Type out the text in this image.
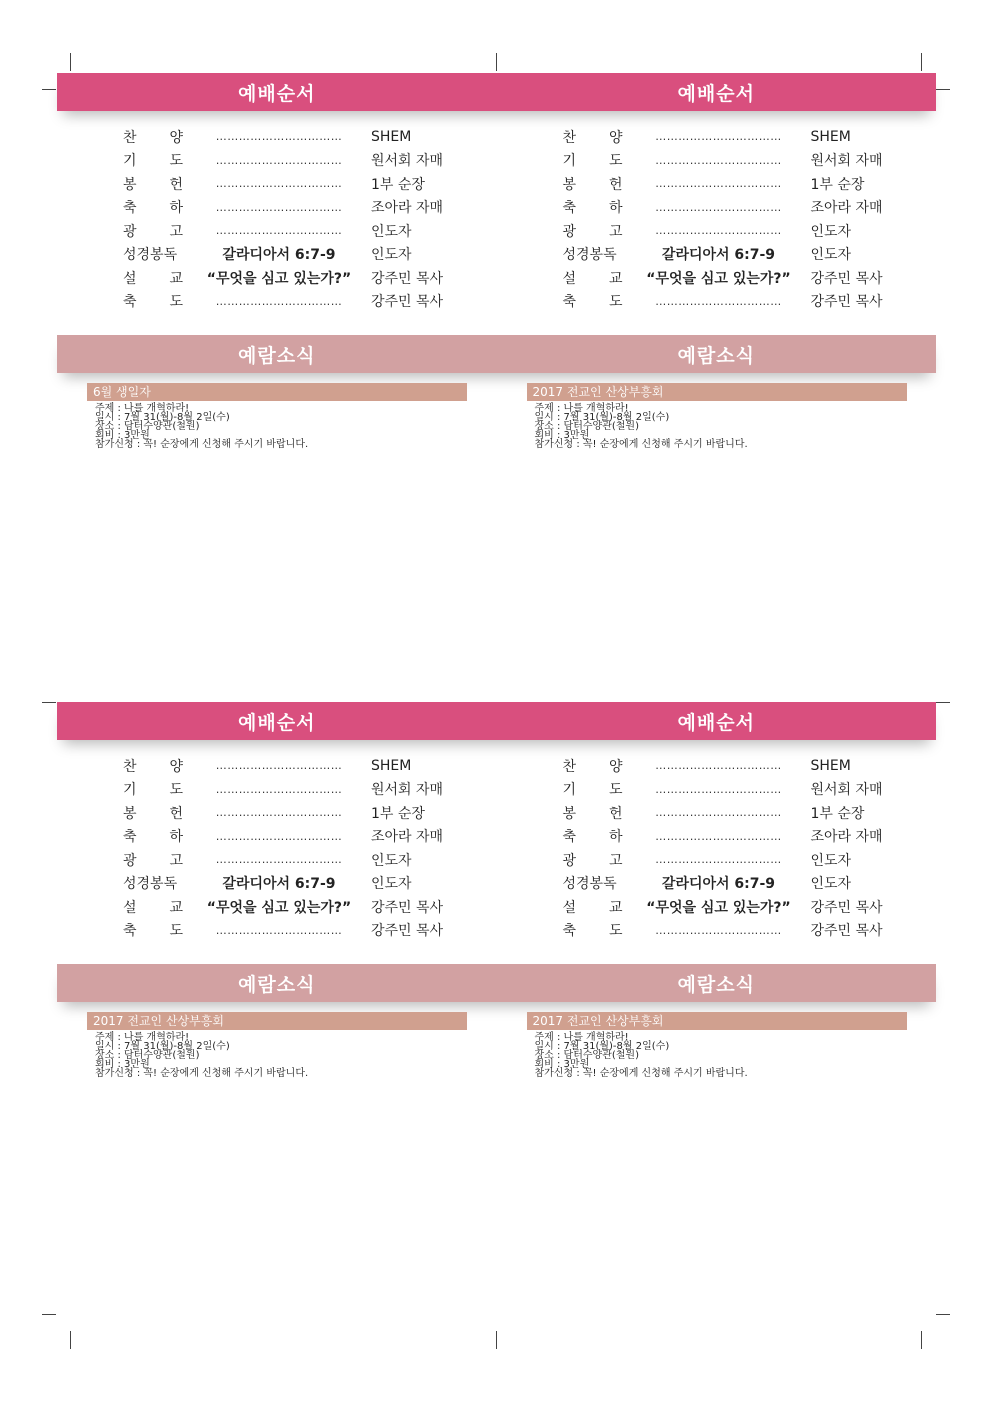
예배순서	예배순서
찬 양	……………………………	SHEM
기 도	……………………………	원서회 자매
봉 헌	……………………………	1부 순장
축 하	……………………………	조아라 자매
광 고	……………………………	인도자
성경봉독	갈라디아서 6:7-9	인도자
설 교	“무엇을 심고 있는가?”	강주민 목사
축 도	……………………………	강주민 목사
찬 양	……………………………	SHEM
기 도	……………………………	원서회 자매
봉 헌	……………………………	1부 순장
축 하	……………………………	조아라 자매
광 고	……………………………	인도자
성경봉독	갈라디아서 6:7-9	인도자
설 교	“무엇을 심고 있는가?”	강주민 목사
축 도	……………………………	강주민 목사
예람소식	예람소식
6월 생일자
주제 : 나를 개혁하라!
일시 : 7월 31(월)-8월 2일(수)
장소 : 담터수양관(철원)
회비 : 3만원
참가신청 : 꼭! 순장에게 신청해 주시기 바랍니다.
2017 전교인 산상부흥회
주제 : 나를 개혁하라!
일시 : 7월 31(월)-8월 2일(수)
장소 : 담터수양관(철원)
회비 : 3만원
참가신청 : 꼭! 순장에게 신청해 주시기 바랍니다.
예배순서	예배순서
찬 양	……………………………	SHEM
기 도	……………………………	원서회 자매
봉 헌	……………………………	1부 순장
축 하	……………………………	조아라 자매
광 고	……………………………	인도자
성경봉독	갈라디아서 6:7-9	인도자
설 교	“무엇을 심고 있는가?”	강주민 목사
축 도	……………………………	강주민 목사
찬 양	……………………………	SHEM
기 도	……………………………	원서회 자매
봉 헌	……………………………	1부 순장
축 하	……………………………	조아라 자매
광 고	……………………………	인도자
성경봉독	갈라디아서 6:7-9	인도자
설 교	“무엇을 심고 있는가?”	강주민 목사
축 도	……………………………	강주민 목사
예람소식	예람소식
2017 전교인 산상부흥회
주제 : 나를 개혁하라!
일시 : 7월 31(월)-8월 2일(수)
장소 : 담터수양관(철원)
회비 : 3만원
참가신청 : 꼭! 순장에게 신청해 주시기 바랍니다.
2017 전교인 산상부흥회
주제 : 나를 개혁하라!
일시 : 7월 31(월)-8월 2일(수)
장소 : 담터수양관(철원)
회비 : 3만원
참가신청 : 꼭! 순장에게 신청해 주시기 바랍니다.
